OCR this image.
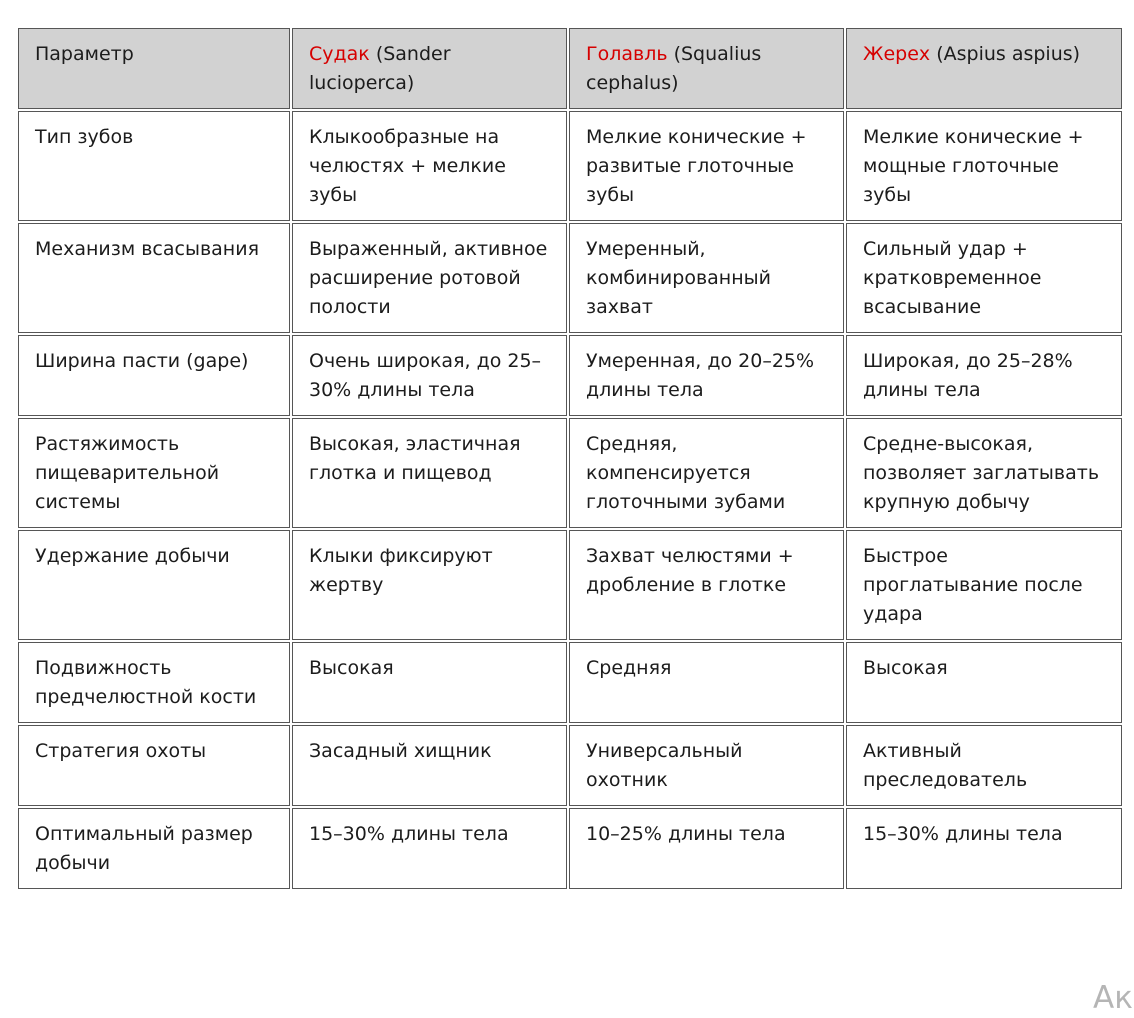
Параметр	Судак (Sander lucioperca)	Голавль (Squalius cephalus)	Жерех (Aspius aspius)
Тип зубов	Клыкообразные на челюстях + мелкие зубы	Мелкие конические + развитые глоточные зубы	Мелкие конические + мощные глоточные зубы
Механизм всасывания	Выраженный, активное расширение ротовой полости	Умеренный, комбинированный захват	Сильный удар + кратковременное всасывание
Ширина пасти (gape)	Очень широкая, до 25–30% длины тела	Умеренная, до 20–25% длины тела	Широкая, до 25–28% длины тела
Растяжимость пищеварительной системы	Высокая, эластичная глотка и пищевод	Средняя, компенсируется глоточными зубами	Средне-высокая, позволяет заглатывать крупную добычу
Удержание добычи	Клыки фиксируют жертву	Захват челюстями + дробление в глотке	Быстрое проглатывание после удара
Подвижность предчелюстной кости	Высокая	Средняя	Высокая
Стратегия охоты	Засадный хищник	Универсальный охотник	Активный преследователь
Оптимальный размер добычи	15–30% длины тела	10–25% длины тела	15–30% длины тела
Ак
